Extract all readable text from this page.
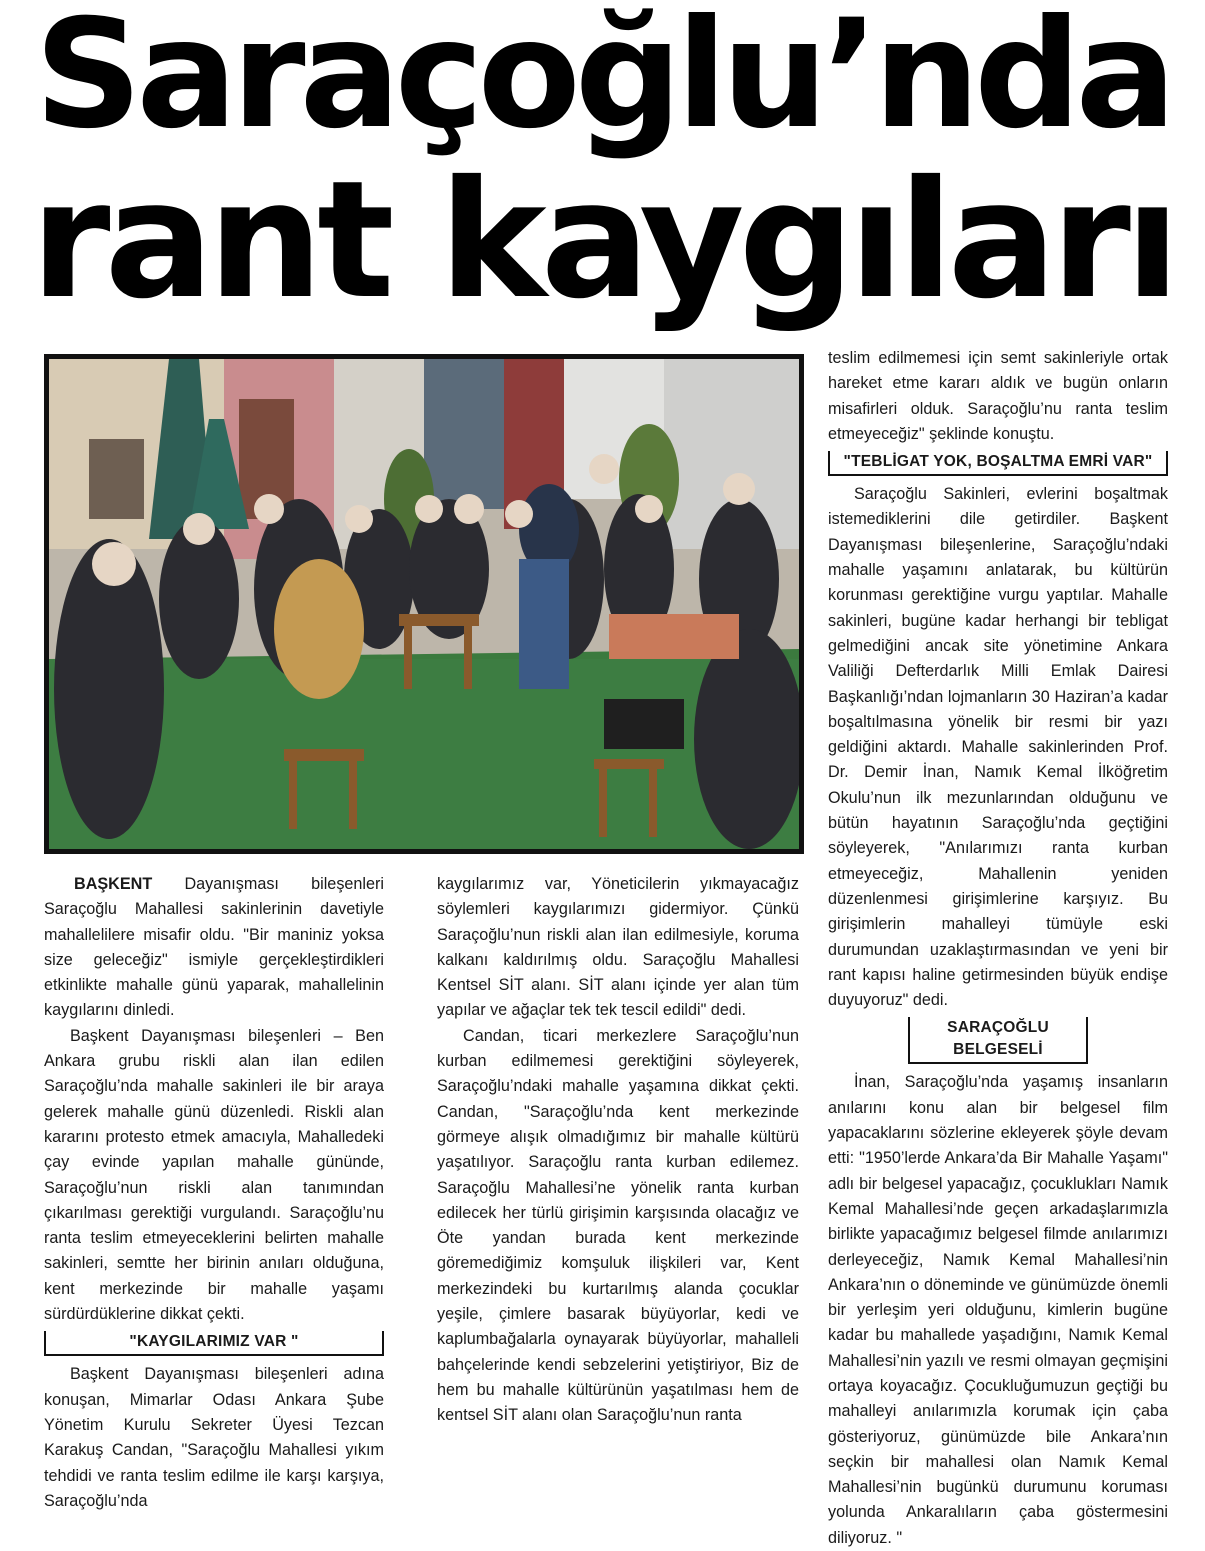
Saraçoğlu’nda
rant kaygıları

BAŞKENT Dayanışması bileşenleri Saraçoğlu Mahallesi sakinlerinin davetiyle mahallelilere misafir oldu. "Bir maniniz yoksa size geleceğiz" ismiyle gerçekleştirdikleri etkinlikte mahalle günü yaparak, mahallelinin kaygılarını dinledi.

Başkent Dayanışması bileşenleri – Ben Ankara grubu riskli alan ilan edilen Saraçoğlu’nda mahalle sakinleri ile bir araya gelerek mahalle günü düzenledi. Riskli alan kararını protesto etmek amacıyla, Mahalledeki çay evinde yapılan mahalle gününde, Saraçoğlu’nun riskli alan tanımından çıkarılması gerektiği vurgulandı. Saraçoğlu’nu ranta teslim etmeyeceklerini belirten mahalle sakinleri, semtte her birinin anıları olduğuna, kent merkezinde bir mahalle yaşamı sürdürdüklerine dikkat çekti.

"KAYGILARIMIZ VAR "

Başkent Dayanışması bileşenleri adına konuşan, Mimarlar Odası Ankara Şube Yönetim Kurulu Sekreter Üyesi Tezcan Karakuş Candan, "Saraçoğlu Mahallesi yıkım tehdidi ve ranta teslim edilme ile karşı karşıya, Saraçoğlu’nda

kaygılarımız var, Yöneticilerin yıkmayacağız söylemleri kaygılarımızı gidermiyor. Çünkü Saraçoğlu’nun riskli alan ilan edilmesiyle, koruma kalkanı kaldırılmış oldu. Saraçoğlu Mahallesi Kentsel SİT alanı. SİT alanı içinde yer alan tüm yapılar ve ağaçlar tek tek tescil edildi" dedi.

Candan, ticari merkezlere Saraçoğlu’nun kurban edilmemesi gerektiğini söyleyerek, Saraçoğlu’ndaki mahalle yaşamına dikkat çekti. Candan, "Saraçoğlu’nda kent merkezinde görmeye alışık olmadığımız bir mahalle kültürü yaşatılıyor. Saraçoğlu ranta kurban edilemez. Saraçoğlu Mahallesi’ne yönelik ranta kurban edilecek her türlü girişimin karşısında olacağız ve Öte yandan burada kent merkezinde göremediğimiz komşuluk ilişkileri var, Kent merkezindeki bu kurtarılmış alanda çocuklar yeşile, çimlere basarak büyüyorlar, kedi ve kaplumbağalarla oynayarak büyüyorlar, mahalleli bahçelerinde kendi sebzelerini yetiştiriyor, Biz de hem bu mahalle kültürünün yaşatılması hem de kentsel SİT alanı olan Saraçoğlu’nun ranta

teslim edilmemesi için semt sakinleriyle ortak hareket etme kararı aldık ve bugün onların misafirleri olduk. Saraçoğlu’nu ranta teslim etmeyeceğiz" şeklinde konuştu.

"TEBLİGAT YOK, BOŞALTMA EMRİ VAR"

Saraçoğlu Sakinleri, evlerini boşaltmak istemediklerini dile getirdiler. Başkent Dayanışması bileşenlerine, Saraçoğlu’ndaki mahalle yaşamını anlatarak, bu kültürün korunması gerektiğine vurgu yaptılar. Mahalle sakinleri, bugüne kadar herhangi bir tebligat gelmediğini ancak site yönetimine Ankara Valiliği Defterdarlık Milli Emlak Dairesi Başkanlığı’ndan lojmanların 30 Haziran’a kadar boşaltılmasına yönelik bir resmi bir yazı geldiğini aktardı. Mahalle sakinlerinden Prof. Dr. Demir İnan, Namık Kemal İlköğretim Okulu’nun ilk mezunlarından olduğunu ve bütün hayatının Saraçoğlu’nda geçtiğini söyleyerek, "Anılarımızı ranta kurban etmeyeceğiz, Mahallenin yeniden düzenlenmesi girişimlerine karşıyız. Bu girişimlerin mahalleyi tümüyle eski durumundan uzaklaştırmasından ve yeni bir rant kapısı haline getirmesinden büyük endişe duyuyoruz" dedi.

SARAÇOĞLU BELGESELİ

İnan, Saraçoğlu’nda yaşamış insanların anılarını konu alan bir belgesel film yapacaklarını sözlerine ekleyerek şöyle devam etti: "1950’lerde Ankara’da Bir Mahalle Yaşamı" adlı bir belgesel yapacağız, çocuklukları Namık Kemal Mahallesi’nde geçen arkadaşlarımızla birlikte yapacağımız belgesel filmde anılarımızı derleyeceğiz, Namık Kemal Mahallesi’nin Ankara’nın o döneminde ve günümüzde önemli bir yerleşim yeri olduğunu, kimlerin bugüne kadar bu mahallede yaşadığını, Namık Kemal Mahallesi’nin yazılı ve resmi olmayan geçmişini ortaya koyacağız. Çocukluğumuzun geçtiği bu mahalleyi anılarımızla korumak için çaba gösteriyoruz, günümüzde bile Ankara’nın seçkin bir mahallesi olan Namık Kemal Mahallesi’nin bugünkü durumunu koruması yolunda Ankaralıların çaba göstermesini diliyoruz. "
